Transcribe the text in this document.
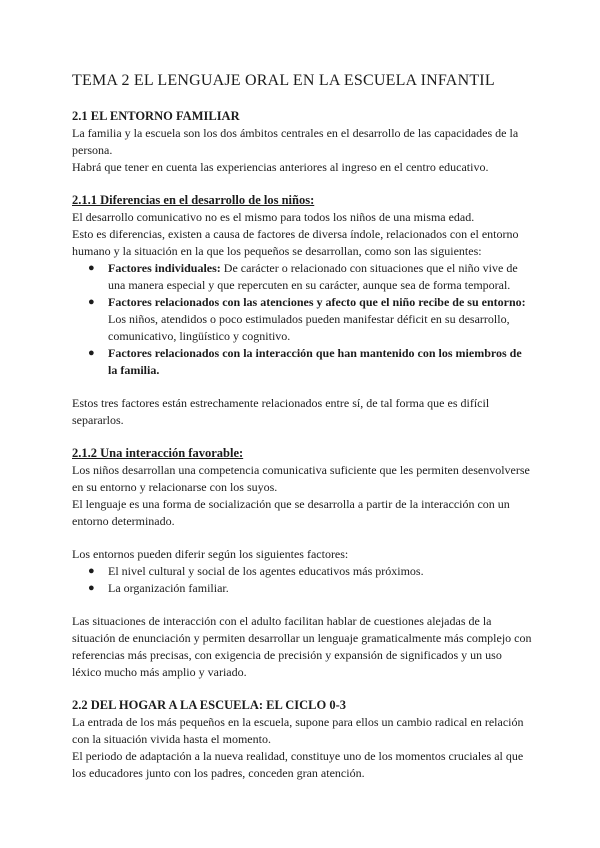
TEMA 2 EL LENGUAJE ORAL EN LA ESCUELA INFANTIL
2.1 EL ENTORNO FAMILIAR

La familia y la escuela son los dos ámbitos centrales en el desarrollo de las capacidades de la persona.

Habrá que tener en cuenta las experiencias anteriores al ingreso en el centro educativo.

2.1.1 Diferencias en el desarrollo de los niños:

El desarrollo comunicativo no es el mismo para todos los niños de una misma edad.

Esto es diferencias, existen a causa de factores de diversa índole, relacionados con el entorno humano y la situación en la que los pequeños se desarrollan, como son las siguientes:

● Factores individuales: De carácter o relacionado con situaciones que el niño vive de una manera especial y que repercuten en su carácter, aunque sea de forma temporal.
● Factores relacionados con las atenciones y afecto que el niño recibe de su entorno: Los niños, atendidos o poco estimulados pueden manifestar déficit en su desarrollo, comunicativo, lingüístico y cognitivo.
● Factores relacionados con la interacción que han mantenido con los miembros de la familia.

Estos tres factores están estrechamente relacionados entre sí, de tal forma que es difícil separarlos.

2.1.2 Una interacción favorable:

Los niños desarrollan una competencia comunicativa suficiente que les permiten desenvolverse en su entorno y relacionarse con los suyos.

El lenguaje es una forma de socialización que se desarrolla a partir de la interacción con un entorno determinado.

Los entornos pueden diferir según los siguientes factores:

● El nivel cultural y social de los agentes educativos más próximos.
● La organización familiar.

Las situaciones de interacción con el adulto facilitan hablar de cuestiones alejadas de la situación de enunciación y permiten desarrollar un lenguaje gramaticalmente más complejo con referencias más precisas, con exigencia de precisión y expansión de significados y un uso léxico mucho más amplio y variado.

2.2 DEL HOGAR A LA ESCUELA: EL CICLO 0-3

La entrada de los más pequeños en la escuela, supone para ellos un cambio radical en relación con la situación vivida hasta el momento.

El periodo de adaptación a la nueva realidad, constituye uno de los momentos cruciales al que los educadores junto con los padres, conceden gran atención.
